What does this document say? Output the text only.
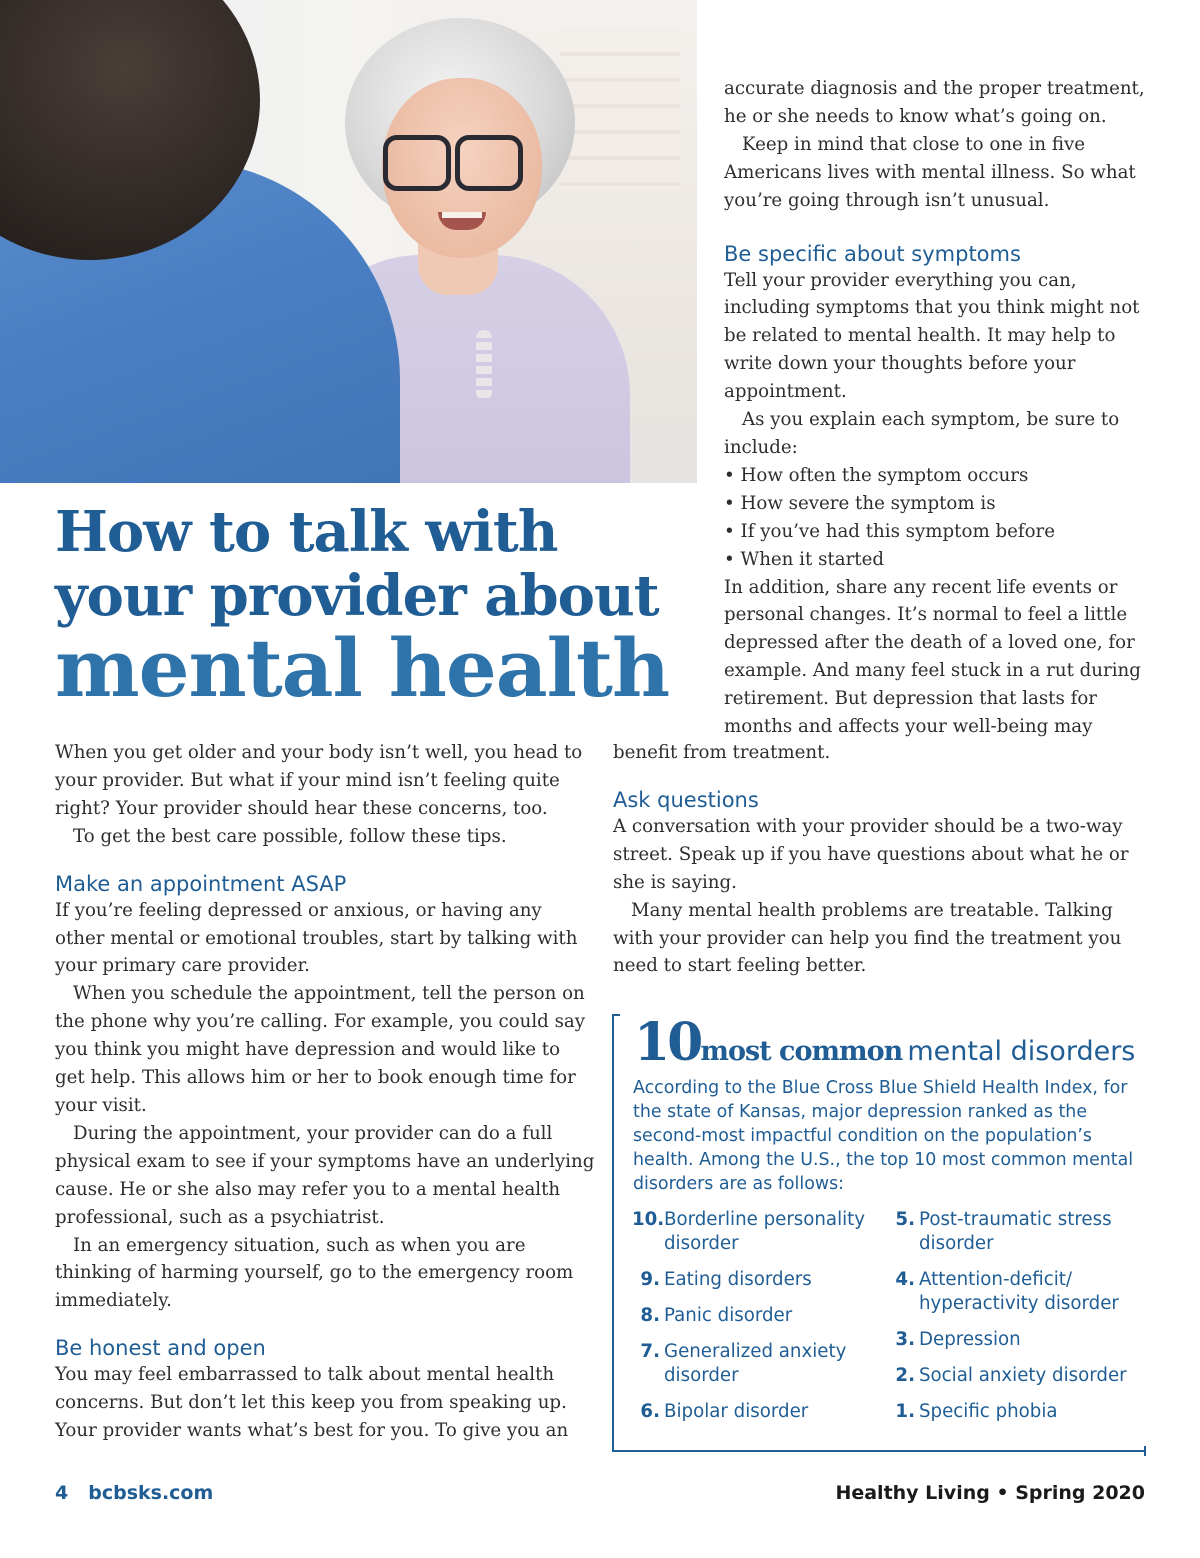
How to talk with
your provider about
mental health

accurate diagnosis and the proper treatment, he or she needs to know what’s going on.

Keep in mind that close to one in five Americans lives with mental illness. So what you’re going through isn’t unusual.

Be specific about symptoms

Tell your provider everything you can, including symptoms that you think might not be related to mental health. It may help to write down your thoughts before your appointment.

As you explain each symptom, be sure to include:

• How often the symptom occurs
• How severe the symptom is
• If you’ve had this symptom before
• When it started

In addition, share any recent life events or personal changes. It’s normal to feel a little depressed after the death of a loved one, for example. And many feel stuck in a rut during retirement. But depression that lasts for months and affects your well-being may

When you get older and your body isn’t well, you head to your provider. But what if your mind isn’t feeling quite right? Your provider should hear these concerns, too.

To get the best care possible, follow these tips.

Make an appointment ASAP

If you’re feeling depressed or anxious, or having any other mental or emotional troubles, start by talking with your primary care provider.

When you schedule the appointment, tell the person on the phone why you’re calling. For example, you could say you think you might have depression and would like to get help. This allows him or her to book enough time for your visit.

During the appointment, your provider can do a full physical exam to see if your symptoms have an underlying cause. He or she also may refer you to a mental health professional, such as a psychiatrist.

In an emergency situation, such as when you are thinking of harming yourself, go to the emergency room immediately.

Be honest and open

You may feel embarrassed to talk about mental health concerns. But don’t let this keep you from speaking up. Your provider wants what’s best for you. To give you an

benefit from treatment.

Ask questions

A conversation with your provider should be a two-way street. Speak up if you have questions about what he or she is saying.

Many mental health problems are treatable. Talking with your provider can help you find the treatment you need to start feeling better.

10most common mental disorders

According to the Blue Cross Blue Shield Health Index, for the state of Kansas, major depression ranked as the second-most impactful condition on the population’s health. Among the U.S., the top 10 most common mental disorders are as follows:

10. Borderline personality disorder
9. Eating disorders
8. Panic disorder
7. Generalized anxiety disorder
6. Bipolar disorder
5. Post-traumatic stress disorder
4. Attention-deficit/ hyperactivity disorder
3. Depression
2. Social anxiety disorder
1. Specific phobia
4 bcbsks.com	Healthy Living • Spring 2020
